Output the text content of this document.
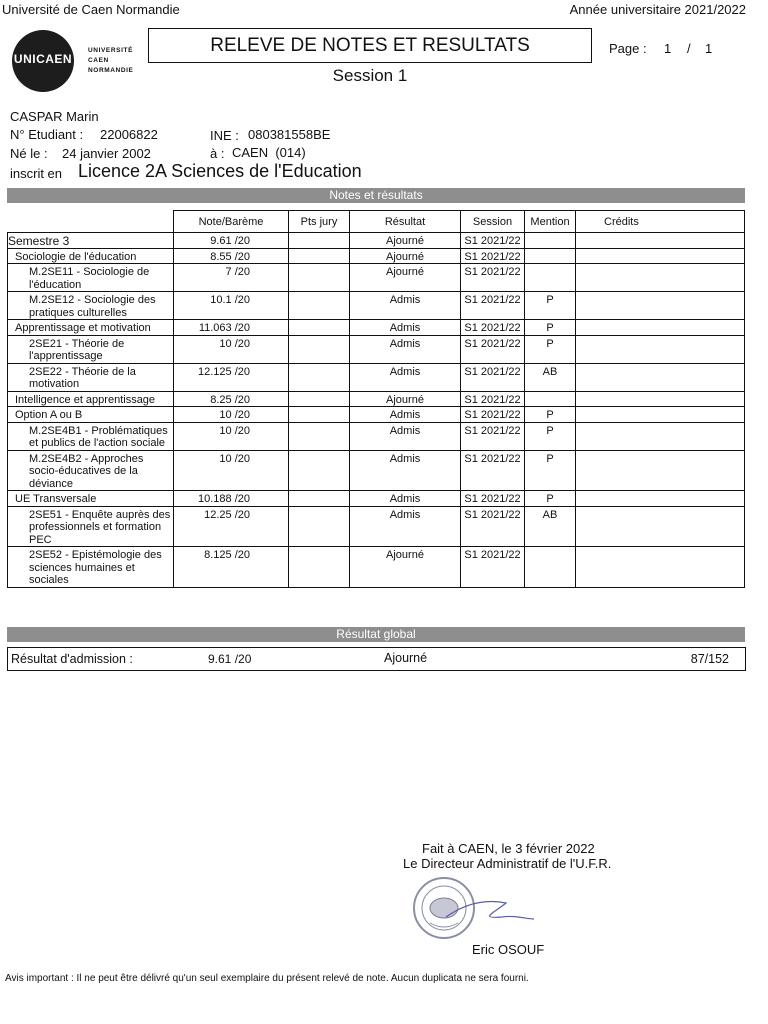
Université de Caen Normandie	Année universitaire 2021/2022
UNICAEN
UNIVERSITÉ
CAEN
NORMANDIE
RELEVE DE NOTES ET RESULTATS
Session 1
Page : 1 / 1
CASPAR Marin
N° Etudiant : 22006822	INE : 080381558BE
Né le : 24 janvier 2002	à : CAEN  (014)
inscrit en Licence 2A Sciences de l'Education
Notes et résultats
	Note/Barème	Pts jury	Résultat	Session	Mention	Crédits
Semestre 3	9.61 /20		Ajourné	S1 2021/22		
Sociologie de l'éducation	8.55 /20		Ajourné	S1 2021/22		
M.2SE11 - Sociologie de l'éducation	7 /20		Ajourné	S1 2021/22		
M.2SE12 - Sociologie des pratiques culturelles	10.1 /20		Admis	S1 2021/22	P	
Apprentissage et motivation	11.063 /20		Admis	S1 2021/22	P	
2SE21 - Théorie de l'apprentissage	10 /20		Admis	S1 2021/22	P	
2SE22 - Théorie de la motivation	12.125 /20		Admis	S1 2021/22	AB	
Intelligence et apprentissage	8.25 /20		Ajourné	S1 2021/22		
Option A ou B	10 /20		Admis	S1 2021/22	P	
M.2SE4B1 - Problématiques et publics de l'action sociale	10 /20		Admis	S1 2021/22	P	
M.2SE4B2 - Approches socio-éducatives de la déviance	10 /20		Admis	S1 2021/22	P	
UE Transversale	10.188 /20		Admis	S1 2021/22	P	
2SE51 - Enquête auprès des professionnels et formation PEC	12.25 /20		Admis	S1 2021/22	AB	
2SE52 - Epistémologie des sciences humaines et sociales	8.125 /20		Ajourné	S1 2021/22		
Résultat global
Résultat d'admission :	9.61 /20	Ajourné	87/152
Fait à CAEN, le 3 février 2022
Le Directeur Administratif de l'U.F.R.
Eric OSOUF
Avis important : Il ne peut être délivré qu'un seul exemplaire du présent relevé de note. Aucun duplicata ne sera fourni.
